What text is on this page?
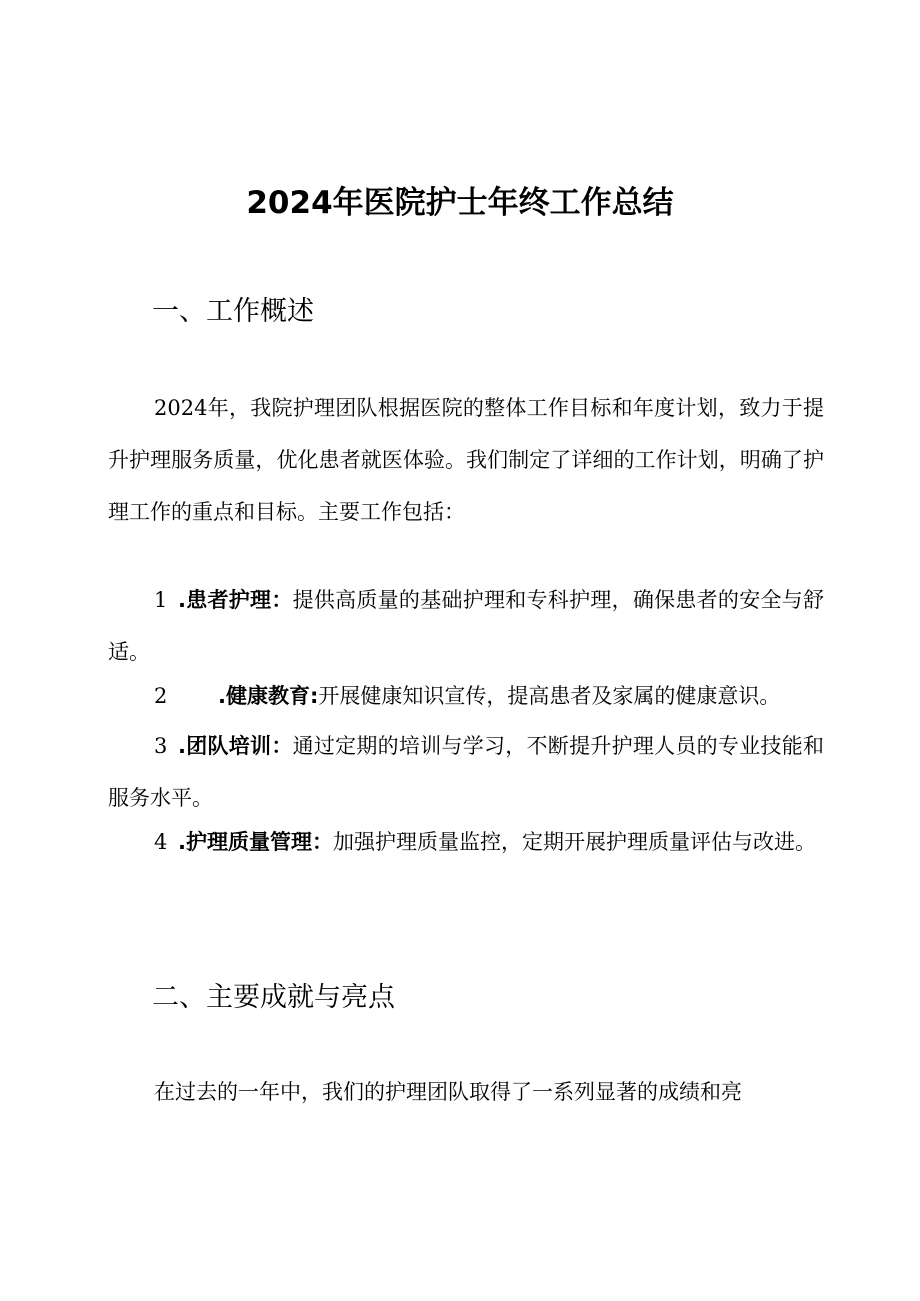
2024年医院护士年终工作总结
一、工作概述

2024年，我院护理团队根据医院的整体工作目标和年度计划，致力于提升护理服务质量，优化患者就医体验。我们制定了详细的工作计划，明确了护理工作的重点和目标。主要工作包括：

1 .患者护理：提供高质量的基础护理和专科护理，确保患者的安全与舒适。

2 .健康教育:开展健康知识宣传，提高患者及家属的健康意识。

3 .团队培训：通过定期的培训与学习，不断提升护理人员的专业技能和服务水平。

4 .护理质量管理：加强护理质量监控，定期开展护理质量评估与改进。

二、主要成就与亮点

在过去的一年中，我们的护理团队取得了一系列显著的成绩和亮
